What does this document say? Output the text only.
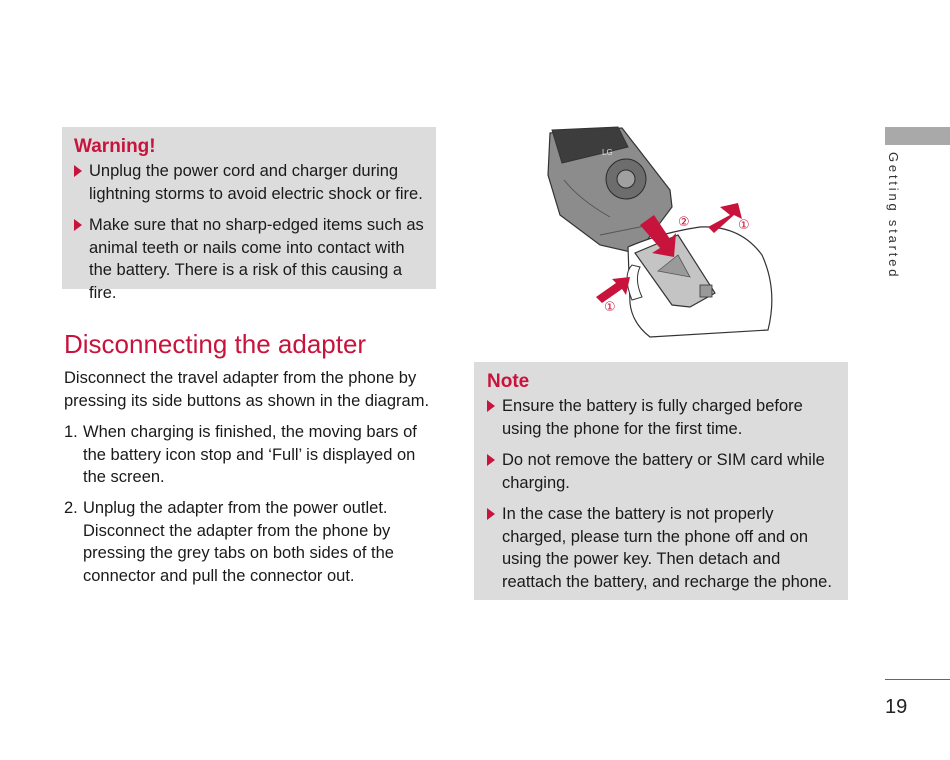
Warning!

Unplug the power cord and charger during lightning storms to avoid electric shock or fire.

Make sure that no sharp-edged items such as animal teeth or nails come into contact with the battery. There is a risk of this causing a fire.

Disconnecting the adapter

Disconnect the travel adapter from the phone by pressing its side buttons as shown in the diagram.

1. When charging is finished, the moving bars of the battery icon stop and ‘Full’ is displayed on the screen.
2. Unplug the adapter from the power outlet. Disconnect the adapter from the phone by pressing the grey tabs on both sides of the connector and pull the connector out.
LG
②	①
①
Note

Ensure the battery is fully charged before using the phone for the first time.

Do not remove the battery or SIM card while charging.

In the case the battery is not properly charged, please turn the phone off and on using the power key. Then detach and reattach the battery, and recharge the phone.

Getting started
19
